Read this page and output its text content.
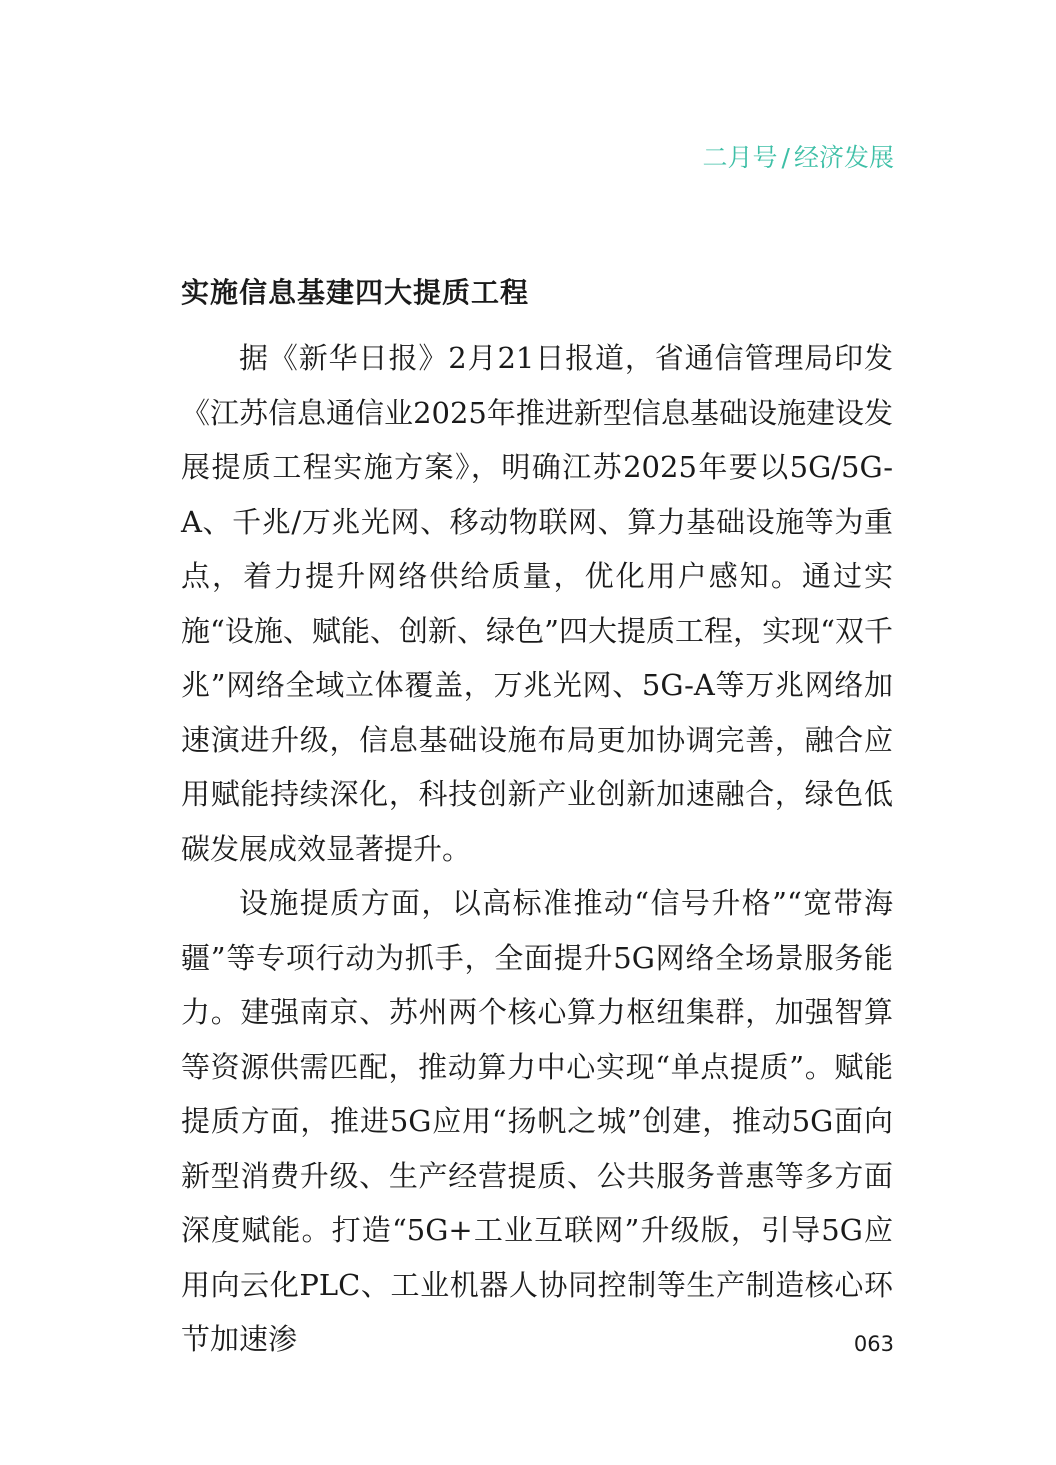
二月号 / 经济发展
实施信息基建四大提质工程

据《新华日报》2月21日报道，省通信管理局印发《江苏信息通信业2025年推进新型信息基础设施建设发展提质工程实施方案》，明确江苏2025年要以5G/5G-A、千兆/万兆光网、移动物联网、算力基础设施等为重点，着力提升网络供给质量，优化用户感知。通过实施“设施、赋能、创新、绿色”四大提质工程，实现“双千兆”网络全域立体覆盖，万兆光网、5G-A等万兆网络加速演进升级，信息基础设施布局更加协调完善，融合应用赋能持续深化，科技创新产业创新加速融合，绿色低碳发展成效显著提升。

设施提质方面，以高标准推动“信号升格”“宽带海疆”等专项行动为抓手，全面提升5G网络全场景服务能力。建强南京、苏州两个核心算力枢纽集群，加强智算等资源供需匹配，推动算力中心实现“单点提质”。赋能提质方面，推进5G应用“扬帆之城”创建，推动5G面向新型消费升级、生产经营提质、公共服务普惠等多方面深度赋能。打造“5G+工业互联网”升级版，引导5G应用向云化PLC、工业机器人协同控制等生产制造核心环节加速渗	063
